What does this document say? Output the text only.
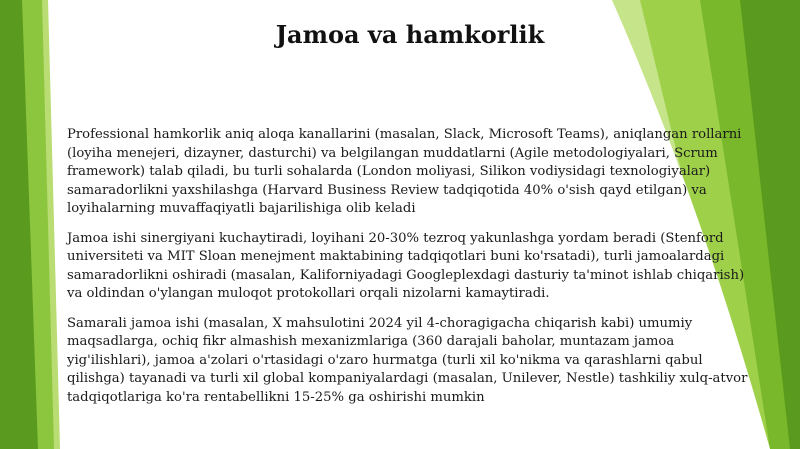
Jamoa va hamkorlik

Professional hamkorlik aniq aloqa kanallarini (masalan, Slack, Microsoft Teams), aniqlangan rollarni (loyiha menejeri, dizayner, dasturchi) va belgilangan muddatlarni (Agile metodologiyalari, Scrum framework) talab qiladi, bu turli sohalarda (London moliyasi, Silikon vodiysidagi texnologiyalar) samaradorlikni yaxshilashga (Harvard Business Review tadqiqotida 40% o'sish qayd etilgan) va loyihalarning muvaffaqiyatli bajarilishiga olib keladi

Jamoa ishi sinergiyani kuchaytiradi, loyihani 20-30% tezroq yakunlashga yordam beradi (Stenford universiteti va MIT Sloan menejment maktabining tadqiqotlari buni ko'rsatadi), turli jamoalardagi samaradorlikni oshiradi (masalan, Kaliforniyadagi Googleplexdagi dasturiy ta'minot ishlab chiqarish) va oldindan o'ylangan muloqot protokollari orqali nizolarni kamaytiradi.

Samarali jamoa ishi (masalan, X mahsulotini 2024 yil 4-choragigacha chiqarish kabi) umumiy maqsadlarga, ochiq fikr almashish mexanizmlariga (360 darajali baholar, muntazam jamoa yig'ilishlari), jamoa a'zolari o'rtasidagi o'zaro hurmatga (turli xil ko'nikma va qarashlarni qabul qilishga) tayanadi va turli xil global kompaniyalardagi (masalan, Unilever, Nestle) tashkiliy xulq-atvor tadqiqotlariga ko'ra rentabellikni 15-25% ga oshirishi mumkin
